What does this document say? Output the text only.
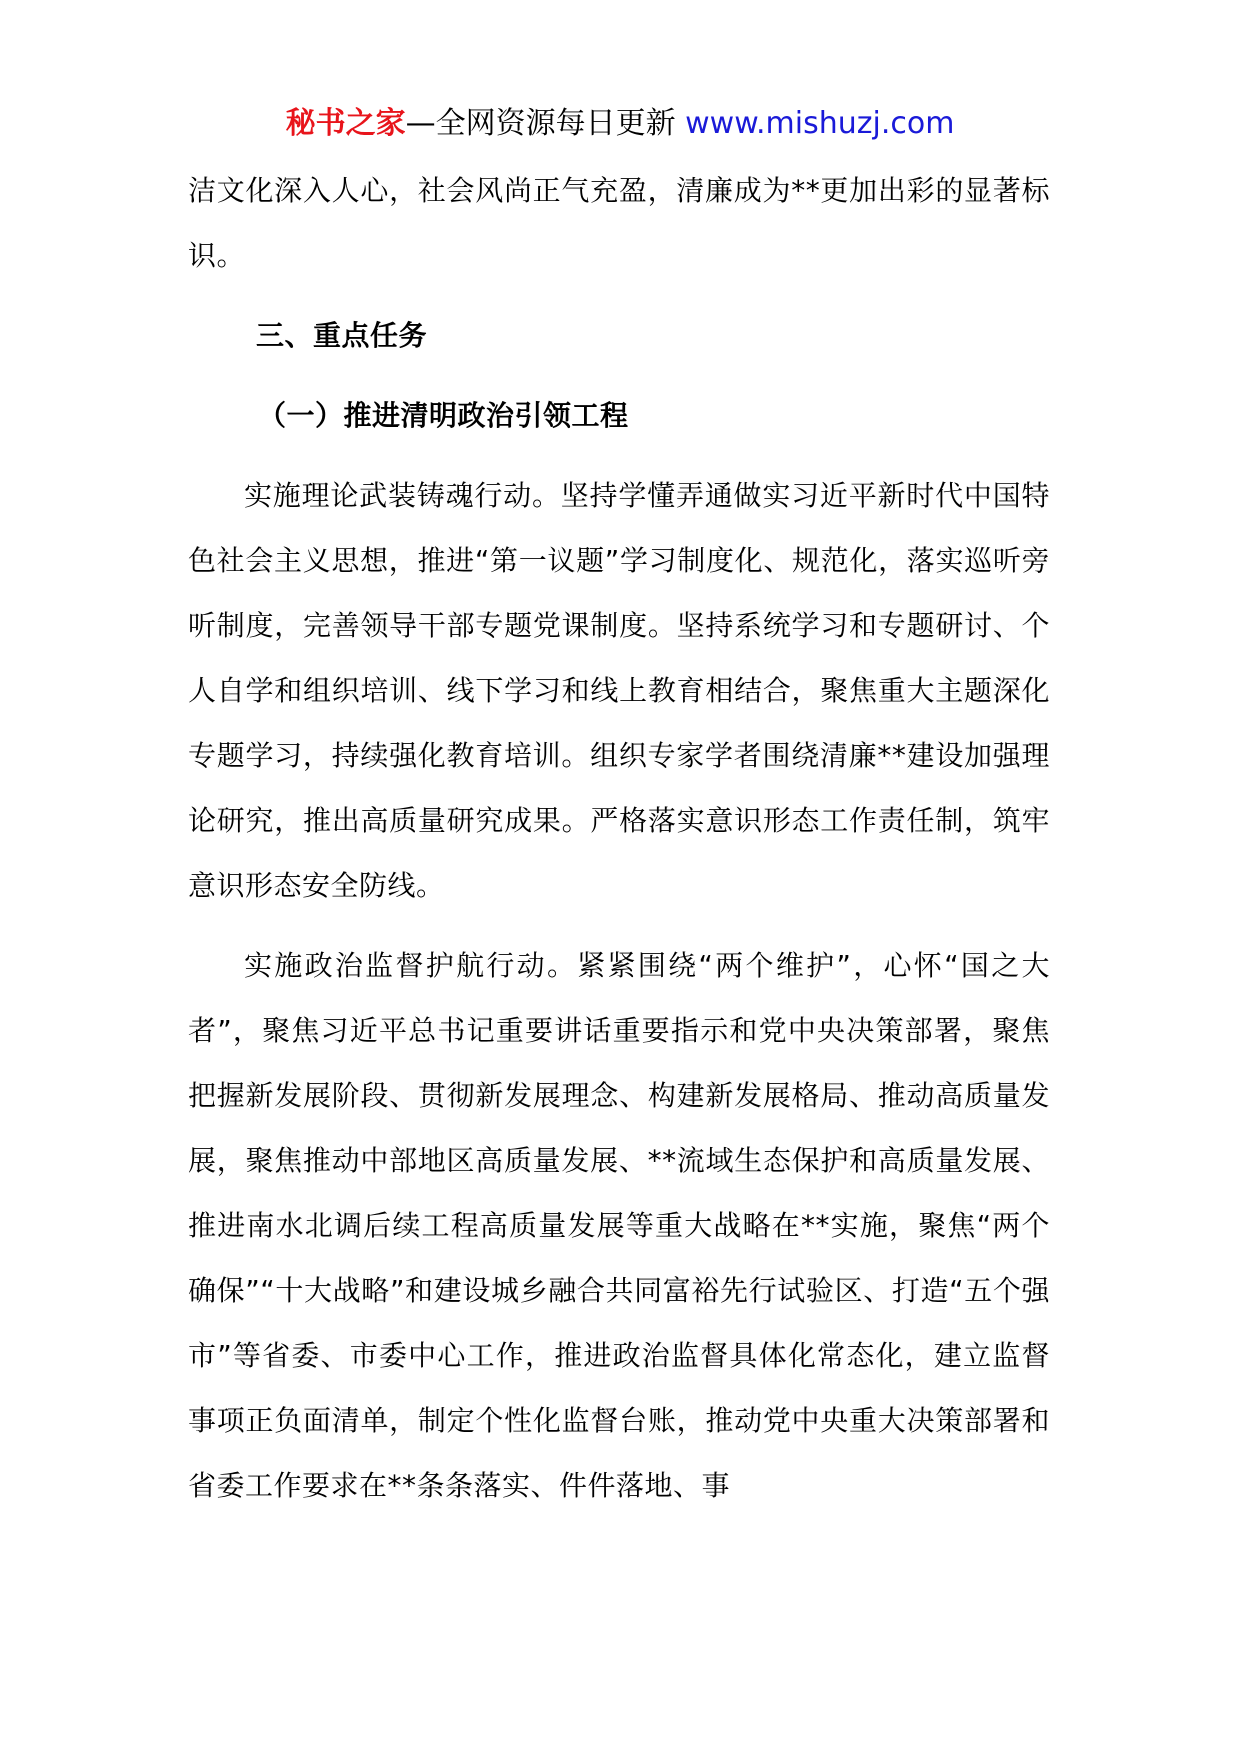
秘书之家—全网资源每日更新 www.mishuzj.com

洁文化深入人心，社会风尚正气充盈，清廉成为**更加出彩的显著标识。

三、重点任务

（一）推进清明政治引领工程

实施理论武装铸魂行动。坚持学懂弄通做实习近平新时代中国特色社会主义思想，推进“第一议题”学习制度化、规范化，落实巡听旁听制度，完善领导干部专题党课制度。坚持系统学习和专题研讨、个人自学和组织培训、线下学习和线上教育相结合，聚焦重大主题深化专题学习，持续强化教育培训。组织专家学者围绕清廉**建设加强理论研究，推出高质量研究成果。严格落实意识形态工作责任制，筑牢意识形态安全防线。

实施政治监督护航行动。紧紧围绕“两个维护”，心怀“国之大者”，聚焦习近平总书记重要讲话重要指示和党中央决策部署，聚焦把握新发展阶段、贯彻新发展理念、构建新发展格局、推动高质量发展，聚焦推动中部地区高质量发展、**流域生态保护和高质量发展、推进南水北调后续工程高质量发展等重大战略在**实施，聚焦“两个确保”“十大战略”和建设城乡融合共同富裕先行试验区、打造“五个强市”等省委、市委中心工作，推进政治监督具体化常态化，建立监督事项正负面清单，制定个性化监督台账，推动党中央重大决策部署和省委工作要求在**条条落实、件件落地、事
